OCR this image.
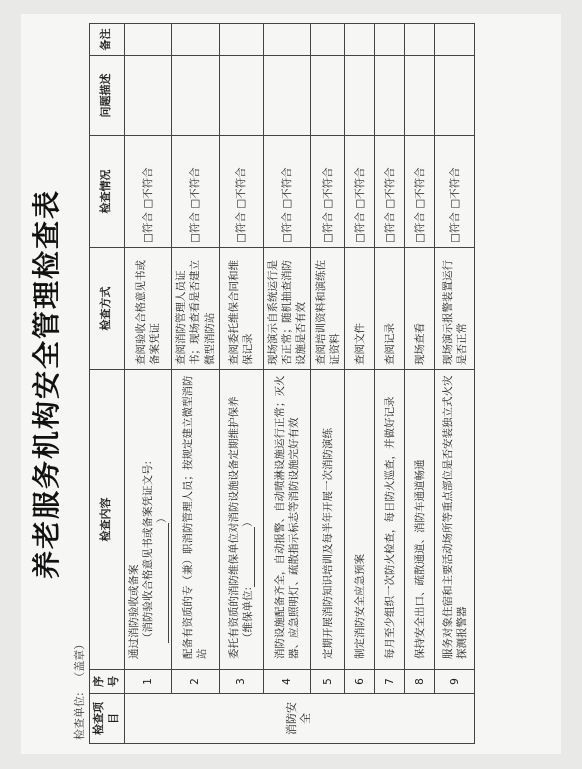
养老服务机构安全管理检查表
检查单位: （盖章）
检查项目	序号	检查内容	检查方式	检查情况	问题描述	备注
消防安全	1	通过消防验收或备案 （消防验收合格意见书或备案凭证文号: ）	查阅验收合格意见书或备案凭证	□符合 □不符合		
	2	配备有资质的专（兼）职消防管理人员；按规定建立微型消防站	查阅消防管理人员证书；现场查看是否建立微型消防站	□符合 □不符合		
	3	委托有资质的消防维保单位对消防设施设备定期维护保养 （维保单位:）	查阅委托维保合同和维保记录	□符合 □不符合		
	4	消防设施配备齐全，自动报警、自动喷淋设施运行正常；灭火器、应急照明灯、疏散指示标志等消防设施完好有效	现场演示自系统运行是否正常；随机抽查消防设施是否有效	□符合 □不符合		
	5	定期开展消防知识培训及每半年开展一次消防演练	查阅培训资料和演练佐证资料	□符合 □不符合		
	6	制定消防安全应急预案	查阅文件	□符合 □不符合		
	7	每月至少组织一次防火检查，每日防火巡查，并做好记录	查阅记录	□符合 □不符合		
	8	保持安全出口、疏散通道、消防车通道畅通	现场查看	□符合 □不符合		
	9	服务对象住宿和主要活动场所等重点部位是否安装独立式火灾探测报警器	现场演示报警装置运行是否正常	□符合 □不符合		
